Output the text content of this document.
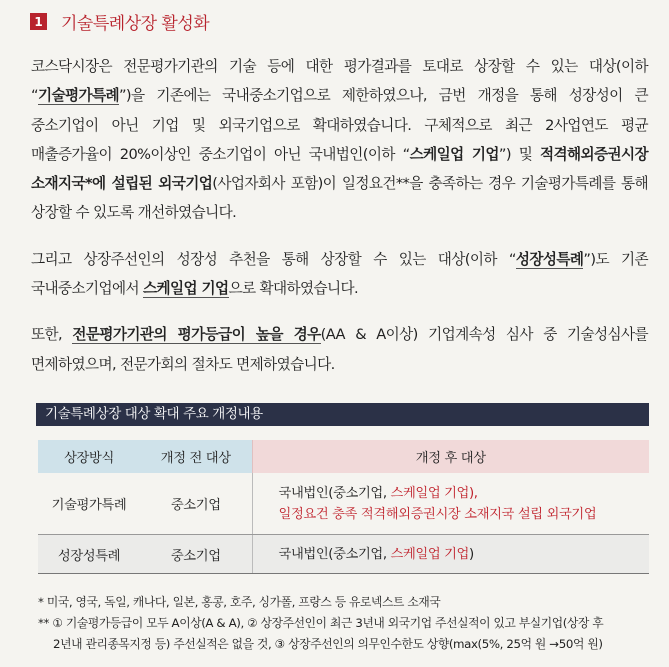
1 기술특례상장 활성화

코스닥시장은 전문평가기관의 기술 등에 대한 평가결과를 토대로 상장할 수 있는 대상(이하 “기술평가특례”)을 기존에는 국내중소기업으로 제한하였으나, 금번 개정을 통해 성장성이 큰 중소기업이 아닌 기업 및 외국기업으로 확대하였습니다. 구체적으로 최근 2사업연도 평균 매출증가율이 20%이상인 중소기업이 아닌 국내법인(이하 “스케일업 기업”) 및 적격해외증권시장 소재지국*에 설립된 외국기업(사업자회사 포함)이 일정요건**을 충족하는 경우 기술평가특례를 통해 상장할 수 있도록 개선하였습니다.

그리고 상장주선인의 성장성 추천을 통해 상장할 수 있는 대상(이하 “성장성특례”)도 기존 국내중소기업에서 스케일업 기업으로 확대하였습니다.

또한, 전문평가기관의 평가등급이 높을 경우(AA & A이상) 기업계속성 심사 중 기술성심사를 면제하였으며, 전문가회의 절차도 면제하였습니다.

기술특례상장 대상 확대 주요 개정내용
상장방식	개정 전 대상	개정 후 대상
기술평가특례	중소기업	국내법인(중소기업, 스케일업 기업),
일정요건 충족 적격해외증권시장 소재지국 설립 외국기업
성장성특례	중소기업	국내법인(중소기업, 스케일업 기업)

* 미국, 영국, 독일, 캐나다, 일본, 홍콩, 호주, 싱가폴, 프랑스 등 유로넥스트 소재국

** ① 기술평가등급이 모두 A이상(A & A), ② 상장주선인이 최근 3년내 외국기업 주선실적이 있고 부실기업(상장 후

2년내 관리종목지정 등) 주선실적은 없을 것, ③ 상장주선인의 의무인수한도 상향(max(5%, 25억 원 →50억 원)
